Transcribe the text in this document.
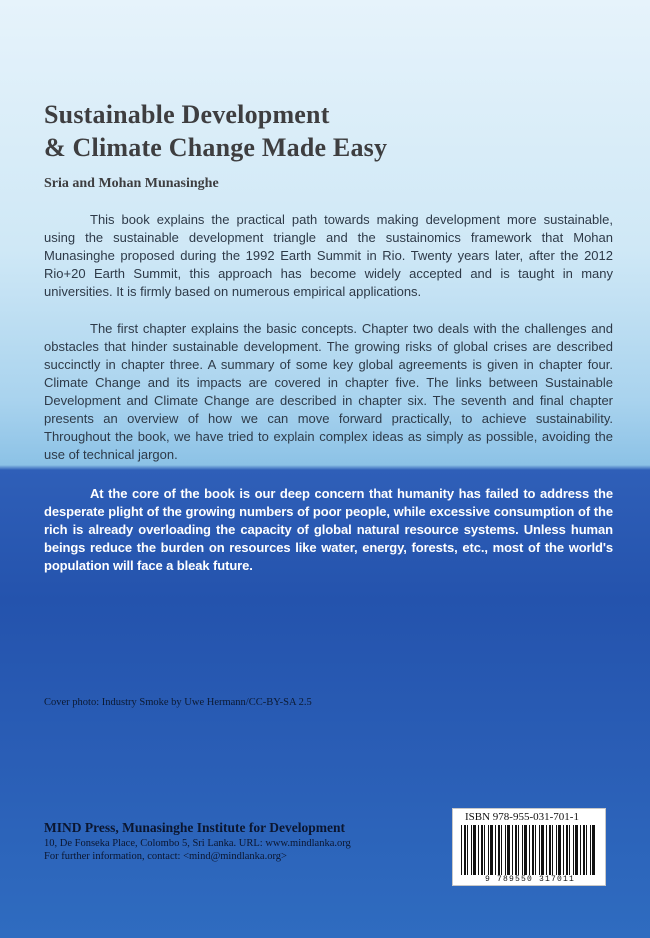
Sustainable Development
& Climate Change Made Easy
Sria and Mohan Munasinghe

This book explains the practical path towards making development more sustainable, using the sustainable development triangle and the sustainomics framework that Mohan Munasinghe proposed during the 1992 Earth Summit in Rio. Twenty years later, after the 2012 Rio+20 Earth Summit, this approach has become widely accepted and is taught in many universities. It is firmly based on numerous empirical applications.

The first chapter explains the basic concepts. Chapter two deals with the challenges and obstacles that hinder sustainable development. The growing risks of global crises are described succinctly in chapter three. A summary of some key global agreements is given in chapter four. Climate Change and its impacts are covered in chapter five. The links between Sustainable Development and Climate Change are described in chapter six. The seventh and final chapter presents an overview of how we can move forward practically, to achieve sustainability. Throughout the book, we have tried to explain complex ideas as simply as possible, avoiding the use of technical jargon.

At the core of the book is our deep concern that humanity has failed to address the desperate plight of the growing numbers of poor people, while excessive consumption of the rich is already overloading the capacity of global natural resource systems. Unless human beings reduce the burden on resources like water, energy, forests, etc., most of the world's population will face a bleak future.

Cover photo: Industry Smoke by Uwe Hermann/CC-BY-SA 2.5
MIND Press, Munasinghe Institute for Development
10, De Fonseka Place, Colombo 5, Sri Lanka. URL: www.mindlanka.org
For further information, contact: <mind@mindlanka.org>
ISBN 978-955-031-701-1
9 789550 317011
